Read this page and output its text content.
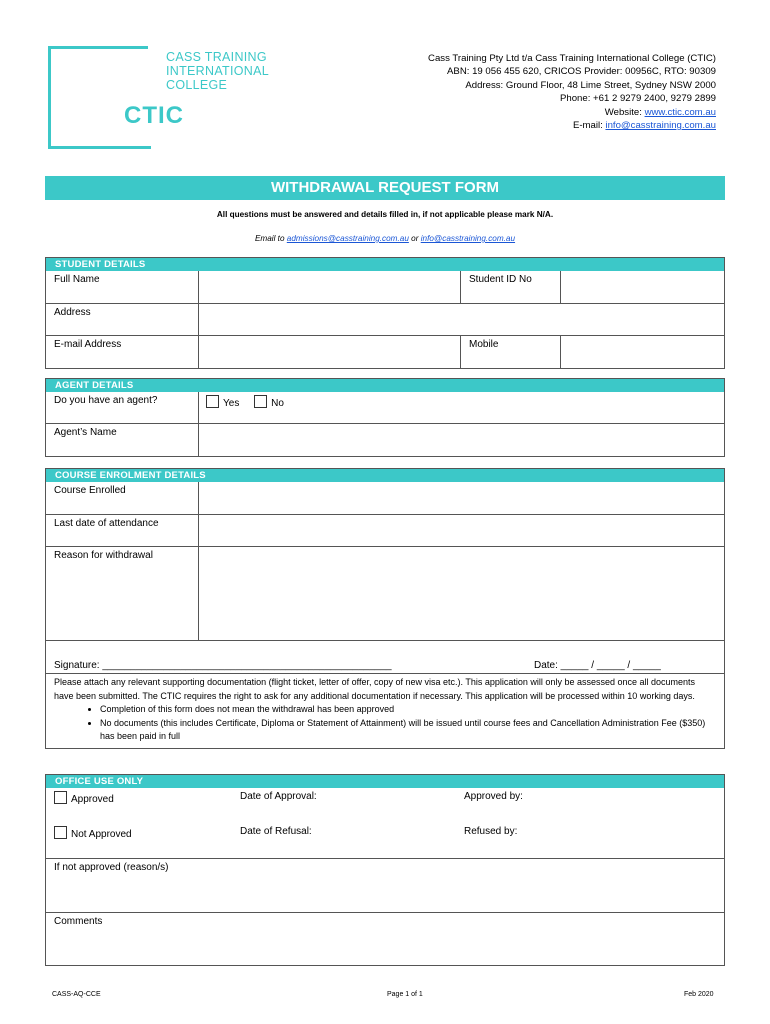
CASS TRAINING
INTERNATIONAL
COLLEGE
CTIC
Cass Training Pty Ltd t/a Cass Training International College (CTIC)
ABN: 19 056 455 620, CRICOS Provider: 00956C, RTO: 90309
Address: Ground Floor, 48 Lime Street, Sydney NSW 2000
Phone: +61 2 9279 2400, 9279 2899
Website: www.ctic.com.au
E-mail: info@casstraining.com.au
WITHDRAWAL REQUEST FORM
All questions must be answered and details filled in, if not applicable please mark N/A.
Email to admissions@casstraining.com.au or info@casstraining.com.au
STUDENT DETAILS
Full Name	Student ID No
Address
E-mail Address	Mobile
AGENT DETAILS
Do you have an agent?	Yes	No
Agent’s Name
COURSE ENROLMENT DETAILS
Course Enrolled
Last date of attendance
Reason for withdrawal
Signature: ____________________________________________________	Date: _____ / _____ / _____
Please attach any relevant supporting documentation (flight ticket, letter of offer, copy of new visa etc.). This application will only be assessed once all documents have been submitted. The CTIC requires the right to ask for any additional documentation if necessary. This application will be processed within 10 working days.
• Completion of this form does not mean the withdrawal has been approved
• No documents (this includes Certificate, Diploma or Statement of Attainment) will be issued until course fees and Cancellation Administration Fee ($350) has been paid in full
OFFICE USE ONLY
Approved	Date of Approval:	Approved by:
Not Approved	Date of Refusal:	Refused by:
If not approved (reason/s)
Comments
CASS-AQ-CCE	Page 1 of 1	Feb 2020
